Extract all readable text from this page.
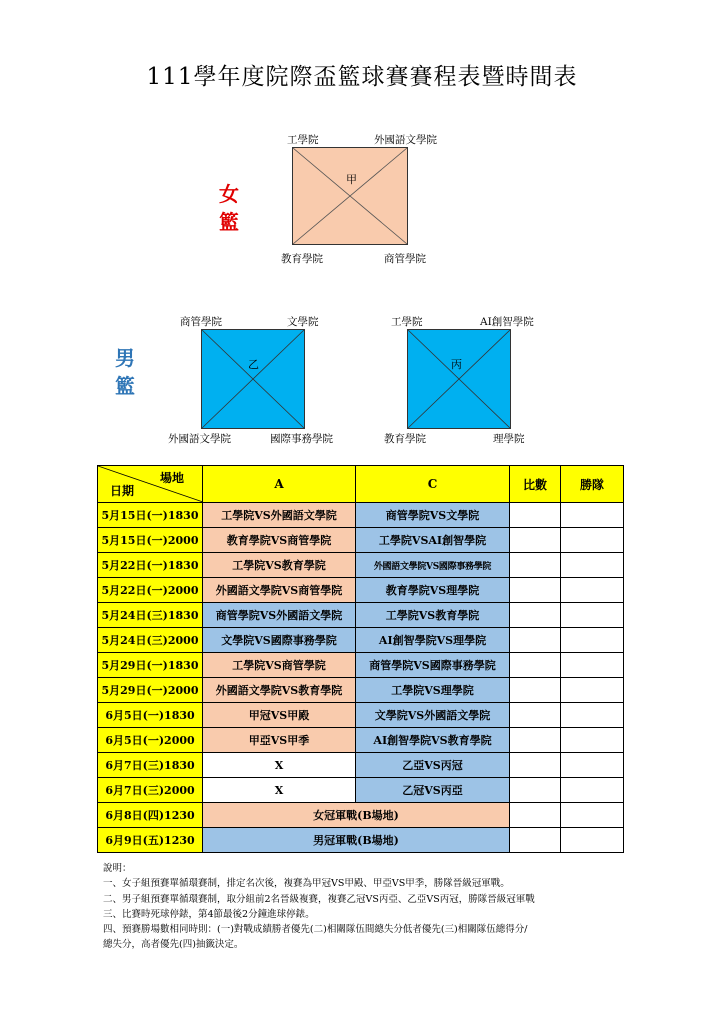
111學年度院際盃籃球賽賽程表暨時間表
女
籃
工學院	外國語文學院
甲
教育學院	商管學院
男
籃
商管學院	文學院
乙
外國語文學院	國際事務學院
工學院	AI創智學院
丙
教育學院	理學院
場地
日期	A	C	比數	勝隊
5月15日(一)1830	工學院VS外國語文學院	商管學院VS文學院		
5月15日(一)2000	教育學院VS商管學院	工學院VSAI創智學院		
5月22日(一)1830	工學院VS教育學院	外國語文學院VS國際事務學院		
5月22日(一)2000	外國語文學院VS商管學院	教育學院VS理學院		
5月24日(三)1830	商管學院VS外國語文學院	工學院VS教育學院		
5月24日(三)2000	文學院VS國際事務學院	AI創智學院VS理學院		
5月29日(一)1830	工學院VS商管學院	商管學院VS國際事務學院		
5月29日(一)2000	外國語文學院VS教育學院	工學院VS理學院		
6月5日(一)1830	甲冠VS甲殿	文學院VS外國語文學院		
6月5日(一)2000	甲亞VS甲季	AI創智學院VS教育學院		
6月7日(三)1830	X	乙亞VS丙冠		
6月7日(三)2000	X	乙冠VS丙亞		
6月8日(四)1230	女冠軍戰(B場地)			
6月9日(五)1230	男冠軍戰(B場地)			
說明：
一、女子組預賽單循環賽制，排定名次後，複賽為甲冠VS甲殿、甲亞VS甲季，勝隊晉級冠軍戰。
二、男子組預賽單循環賽制，取分組前2名晉級複賽，複賽乙冠VS丙亞、乙亞VS丙冠，勝隊晉級冠軍戰
三、比賽時死球停錶，第4節最後2分鐘進球停錶。
四、預賽勝場數相同時則：(一)對戰成績勝者優先(二)相關隊伍間總失分低者優先(三)相關隊伍總得分/
總失分，高者優先(四)抽籤決定。
